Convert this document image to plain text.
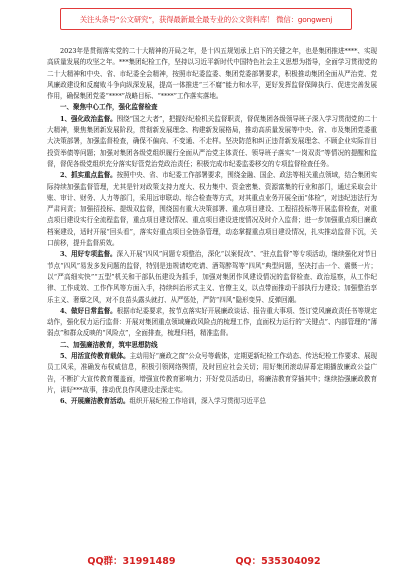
关注头条号“公文研究”，获得最新最全最专业的公文资料库！ 微信：gongwenj

2023年是贯彻落实党的二十大精神的开局之年，是十四五规划承上启下的关键之年，也是集团推进****、实现高质量发展的攻坚之年。***集团纪检工作，坚持以习近平新时代中国特色社会主义思想为指导，全面学习贯彻党的二十大精神和中央、省、市纪委全会精神，按照市纪委监委、集团党委部署要求，积极推动集团全面从严治党、党风廉政建设和反腐败斗争向纵深发展，提高一体推进“三不腐”能力和水平，更好发挥监督保障执行、促进完善发展作用，确保集团党委“****”战略目标、“****”工作落实落地。

一、聚焦中心工作，强化监督检查

1、强化政治监督。围绕“国之大者”，把握好纪检机关监督职责，督促集团各级领导班子深入学习贯彻党的二十大精神，聚焦集团新发展阶段，贯彻新发展理念、构建新发展格局，推动高质量发展等中央、省、市及集团党委重大决策部署，加强监督检查，确保不偏向、不变通、不走样。坚决防范和纠正违背新发展理念、不顾企业实际盲目投资举债等问题；加强对集团各级党组织履行全面从严治党主体责任、领导班子落实“一岗双责”等情况的提醒和监督，督促各级党组织充分落实好管党治党政治责任；积极完成市纪委监委移交的专项监督检查任务。

2、抓实重点监督。按照中央、省、市纪委工作部署要求，围绕金融、国企、政法等相关重点领域，结合集团实际持续加强监督管理，尤其是针对政策支持力度大、权力集中、资金密集、资源富集的行业和部门，通过采取会计账、审计、财务、人力等部门，采用远审联动、综合检查等方式，对其重点业务开展全面“体检”，对违纪违法行为严肃问责；加强招投标、提级双监督，围绕国有重大决策部署、重点项目建设、工程招投标等开展监督检查，对重点项目建设实行全流程监督，重点项目建设情况、重点项目建设进度情况及时介入监督；进一步加强重点项目廉政档案建设，适时开展“回头看”，落实好重点项目全链条管理，动态掌握重点项目建设情况，扎实推动监督下沉，关口前移，提升监督质效。

3、用好专项监督。深入开展“四风”问题专项整治，深化“以案促改”、“驻点监督”等专项活动，继续强化对节日节点“四风”易发多发问题的监督，特别是违规请吃吃请、酒驾醉驾等“四风”典型问题，坚决打击一个、震慑一片；以“严高细实快”“五型”机关和干部队伍建设为抓手，加强对集团作风建设情况的监督检查、政治巡察，从工作纪律、工作成效、工作作风等方面入手，持续纠治形式主义、官僚主义，以点带面推动干部执行力建设；加强整治享乐主义、奢靡之风，对不良苗头露头就打、从严惩处，严防“四风”隐形变异、反弹回潮。

4、做好日常监督。根据市纪委要求，按节点落实好开展廉政谈话、报告重大事项、签订党风廉政责任书等规定动作，强化权力运行监督：开展对集团重点领域廉政风险点的梳理工作，直面权力运行的“关键点”、内部管理的“薄弱点”和群众反映的“风险点”，全面排查，梳理归档，精准监督。

二、加强廉洁教育，筑牢思想防线

5、用活宣传教育载体。主动用好“廉政之窗”公众号等载体，定期更新纪检工作动态、传达纪检工作要求、展现员工风采，准确发布权威信息，积极引领网络舆情，及时回应社会关切；用好集团滚动屏幕定期播放廉政公益广告，不断扩大宣传教育覆盖面，增强宣传教育影响力；开好党员活动日，将廉洁教育穿插其中；继续抬强廉政教育片，讲好***故事，推动优良作风建设走深走实。

6、开展廉洁教育活动。组织开展纪检工作培训，深入学习贯彻习近平总

QQ群：31991489	QQ：535304092
